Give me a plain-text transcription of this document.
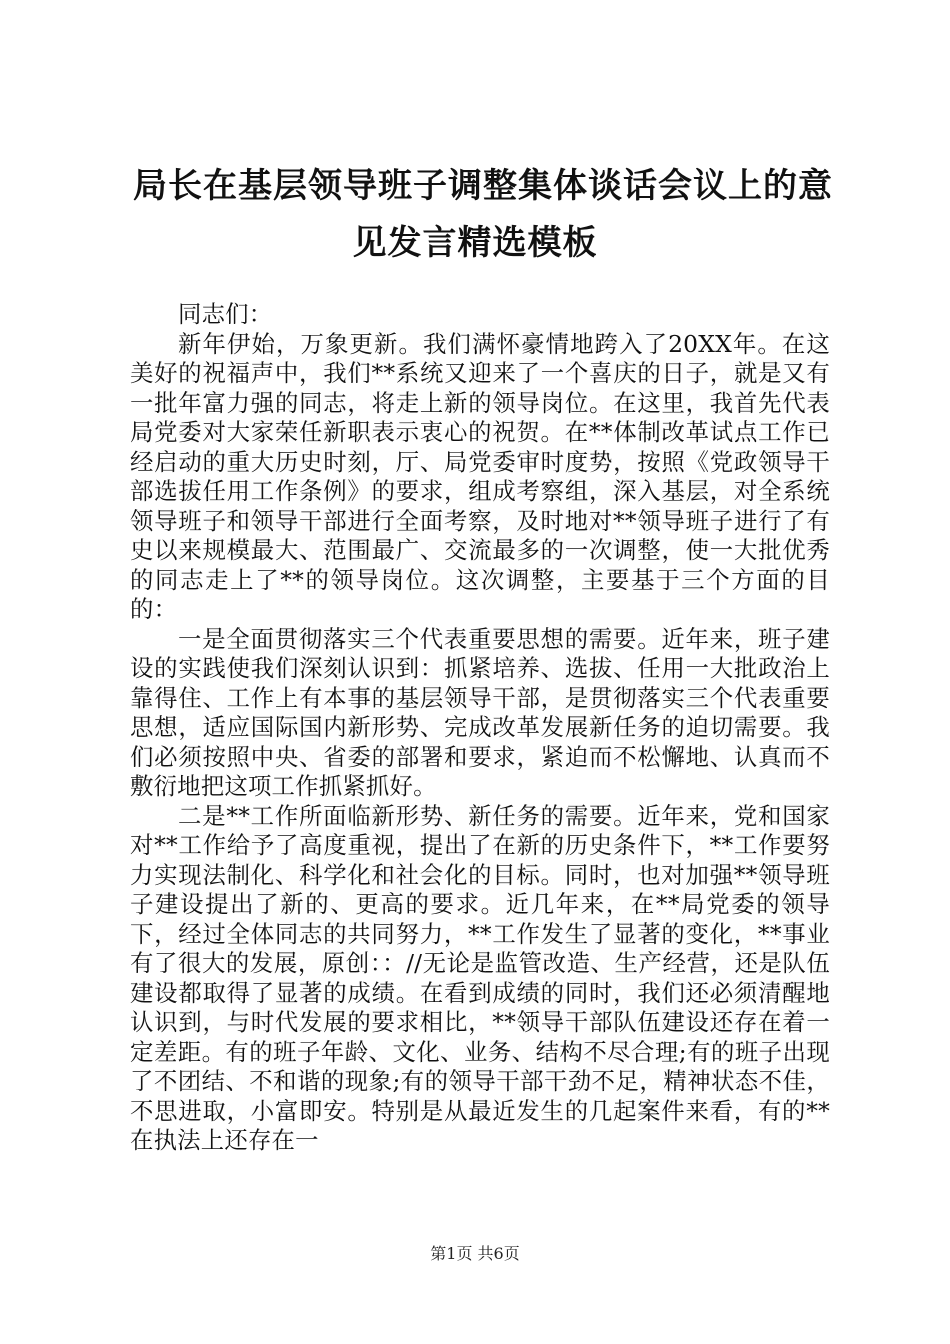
局长在基层领导班子调整集体谈话会议上的意见发言精选模板

同志们：

新年伊始，万象更新。我们满怀豪情地跨入了20XX年。在这美好的祝福声中，我们**系统又迎来了一个喜庆的日子，就是又有一批年富力强的同志，将走上新的领导岗位。在这里，我首先代表局党委对大家荣任新职表示衷心的祝贺。在**体制改革试点工作已经启动的重大历史时刻，厅、局党委审时度势，按照《党政领导干部选拔任用工作条例》的要求，组成考察组，深入基层，对全系统领导班子和领导干部进行全面考察，及时地对**领导班子进行了有史以来规模最大、范围最广、交流最多的一次调整，使一大批优秀的同志走上了**的领导岗位。这次调整，主要基于三个方面的目的：

一是全面贯彻落实三个代表重要思想的需要。近年来，班子建设的实践使我们深刻认识到：抓紧培养、选拔、任用一大批政治上靠得住、工作上有本事的基层领导干部，是贯彻落实三个代表重要思想，适应国际国内新形势、完成改革发展新任务的迫切需要。我们必须按照中央、省委的部署和要求，紧迫而不松懈地、认真而不敷衍地把这项工作抓紧抓好。

二是**工作所面临新形势、新任务的需要。近年来，党和国家对**工作给予了高度重视，提出了在新的历史条件下，**工作要努力实现法制化、科学化和社会化的目标。同时，也对加强**领导班子建设提出了新的、更高的要求。近几年来，在**局党委的领导下，经过全体同志的共同努力，**工作发生了显著的变化，**事业有了很大的发展，原创：：//无论是监管改造、生产经营，还是队伍建设都取得了显著的成绩。在看到成绩的同时，我们还必须清醒地认识到，与时代发展的要求相比，**领导干部队伍建设还存在着一定差距。有的班子年龄、文化、业务、结构不尽合理;有的班子出现了不团结、不和谐的现象;有的领导干部干劲不足，精神状态不佳，不思进取，小富即安。特别是从最近发生的几起案件来看，有的**在执法上还存在一

第1页 共6页
